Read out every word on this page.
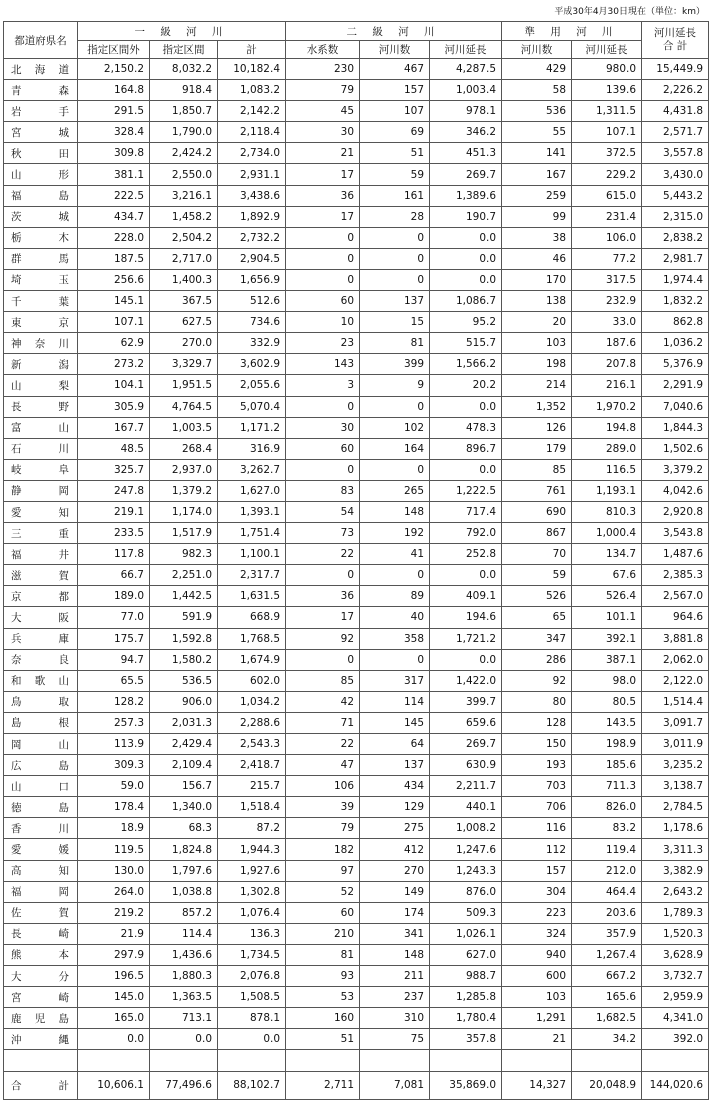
平成30年4月30日現在（単位：km）
都道府県名	一 級 河 川			二 級 河 川			準 用 河 川		河川延長
合 計
	指定区間外	指定区間	計	水系数	河川数	河川延長	河川数	河川延長	
北 海 道	2,150.2	8,032.2	10,182.4	230	467	4,287.5	429	980.0	15,449.9
青 森	164.8	918.4	1,083.2	79	157	1,003.4	58	139.6	2,226.2
岩 手	291.5	1,850.7	2,142.2	45	107	978.1	536	1,311.5	4,431.8
宮 城	328.4	1,790.0	2,118.4	30	69	346.2	55	107.1	2,571.7
秋 田	309.8	2,424.2	2,734.0	21	51	451.3	141	372.5	3,557.8
山 形	381.1	2,550.0	2,931.1	17	59	269.7	167	229.2	3,430.0
福 島	222.5	3,216.1	3,438.6	36	161	1,389.6	259	615.0	5,443.2
茨 城	434.7	1,458.2	1,892.9	17	28	190.7	99	231.4	2,315.0
栃 木	228.0	2,504.2	2,732.2	0	0	0.0	38	106.0	2,838.2
群 馬	187.5	2,717.0	2,904.5	0	0	0.0	46	77.2	2,981.7
埼 玉	256.6	1,400.3	1,656.9	0	0	0.0	170	317.5	1,974.4
千 葉	145.1	367.5	512.6	60	137	1,086.7	138	232.9	1,832.2
東 京	107.1	627.5	734.6	10	15	95.2	20	33.0	862.8
神 奈 川	62.9	270.0	332.9	23	81	515.7	103	187.6	1,036.2
新 潟	273.2	3,329.7	3,602.9	143	399	1,566.2	198	207.8	5,376.9
山 梨	104.1	1,951.5	2,055.6	3	9	20.2	214	216.1	2,291.9
長 野	305.9	4,764.5	5,070.4	0	0	0.0	1,352	1,970.2	7,040.6
富 山	167.7	1,003.5	1,171.2	30	102	478.3	126	194.8	1,844.3
石 川	48.5	268.4	316.9	60	164	896.7	179	289.0	1,502.6
岐 阜	325.7	2,937.0	3,262.7	0	0	0.0	85	116.5	3,379.2
静 岡	247.8	1,379.2	1,627.0	83	265	1,222.5	761	1,193.1	4,042.6
愛 知	219.1	1,174.0	1,393.1	54	148	717.4	690	810.3	2,920.8
三 重	233.5	1,517.9	1,751.4	73	192	792.0	867	1,000.4	3,543.8
福 井	117.8	982.3	1,100.1	22	41	252.8	70	134.7	1,487.6
滋 賀	66.7	2,251.0	2,317.7	0	0	0.0	59	67.6	2,385.3
京 都	189.0	1,442.5	1,631.5	36	89	409.1	526	526.4	2,567.0
大 阪	77.0	591.9	668.9	17	40	194.6	65	101.1	964.6
兵 庫	175.7	1,592.8	1,768.5	92	358	1,721.2	347	392.1	3,881.8
奈 良	94.7	1,580.2	1,674.9	0	0	0.0	286	387.1	2,062.0
和 歌 山	65.5	536.5	602.0	85	317	1,422.0	92	98.0	2,122.0
鳥 取	128.2	906.0	1,034.2	42	114	399.7	80	80.5	1,514.4
島 根	257.3	2,031.3	2,288.6	71	145	659.6	128	143.5	3,091.7
岡 山	113.9	2,429.4	2,543.3	22	64	269.7	150	198.9	3,011.9
広 島	309.3	2,109.4	2,418.7	47	137	630.9	193	185.6	3,235.2
山 口	59.0	156.7	215.7	106	434	2,211.7	703	711.3	3,138.7
徳 島	178.4	1,340.0	1,518.4	39	129	440.1	706	826.0	2,784.5
香 川	18.9	68.3	87.2	79	275	1,008.2	116	83.2	1,178.6
愛 媛	119.5	1,824.8	1,944.3	182	412	1,247.6	112	119.4	3,311.3
高 知	130.0	1,797.6	1,927.6	97	270	1,243.3	157	212.0	3,382.9
福 岡	264.0	1,038.8	1,302.8	52	149	876.0	304	464.4	2,643.2
佐 賀	219.2	857.2	1,076.4	60	174	509.3	223	203.6	1,789.3
長 崎	21.9	114.4	136.3	210	341	1,026.1	324	357.9	1,520.3
熊 本	297.9	1,436.6	1,734.5	81	148	627.0	940	1,267.4	3,628.9
大 分	196.5	1,880.3	2,076.8	93	211	988.7	600	667.2	3,732.7
宮 崎	145.0	1,363.5	1,508.5	53	237	1,285.8	103	165.6	2,959.9
鹿 児 島	165.0	713.1	878.1	160	310	1,780.4	1,291	1,682.5	4,341.0
沖 縄	0.0	0.0	0.0	51	75	357.8	21	34.2	392.0

合 計	10,606.1	77,496.6	88,102.7	2,711	7,081	35,869.0	14,327	20,048.9	144,020.6
